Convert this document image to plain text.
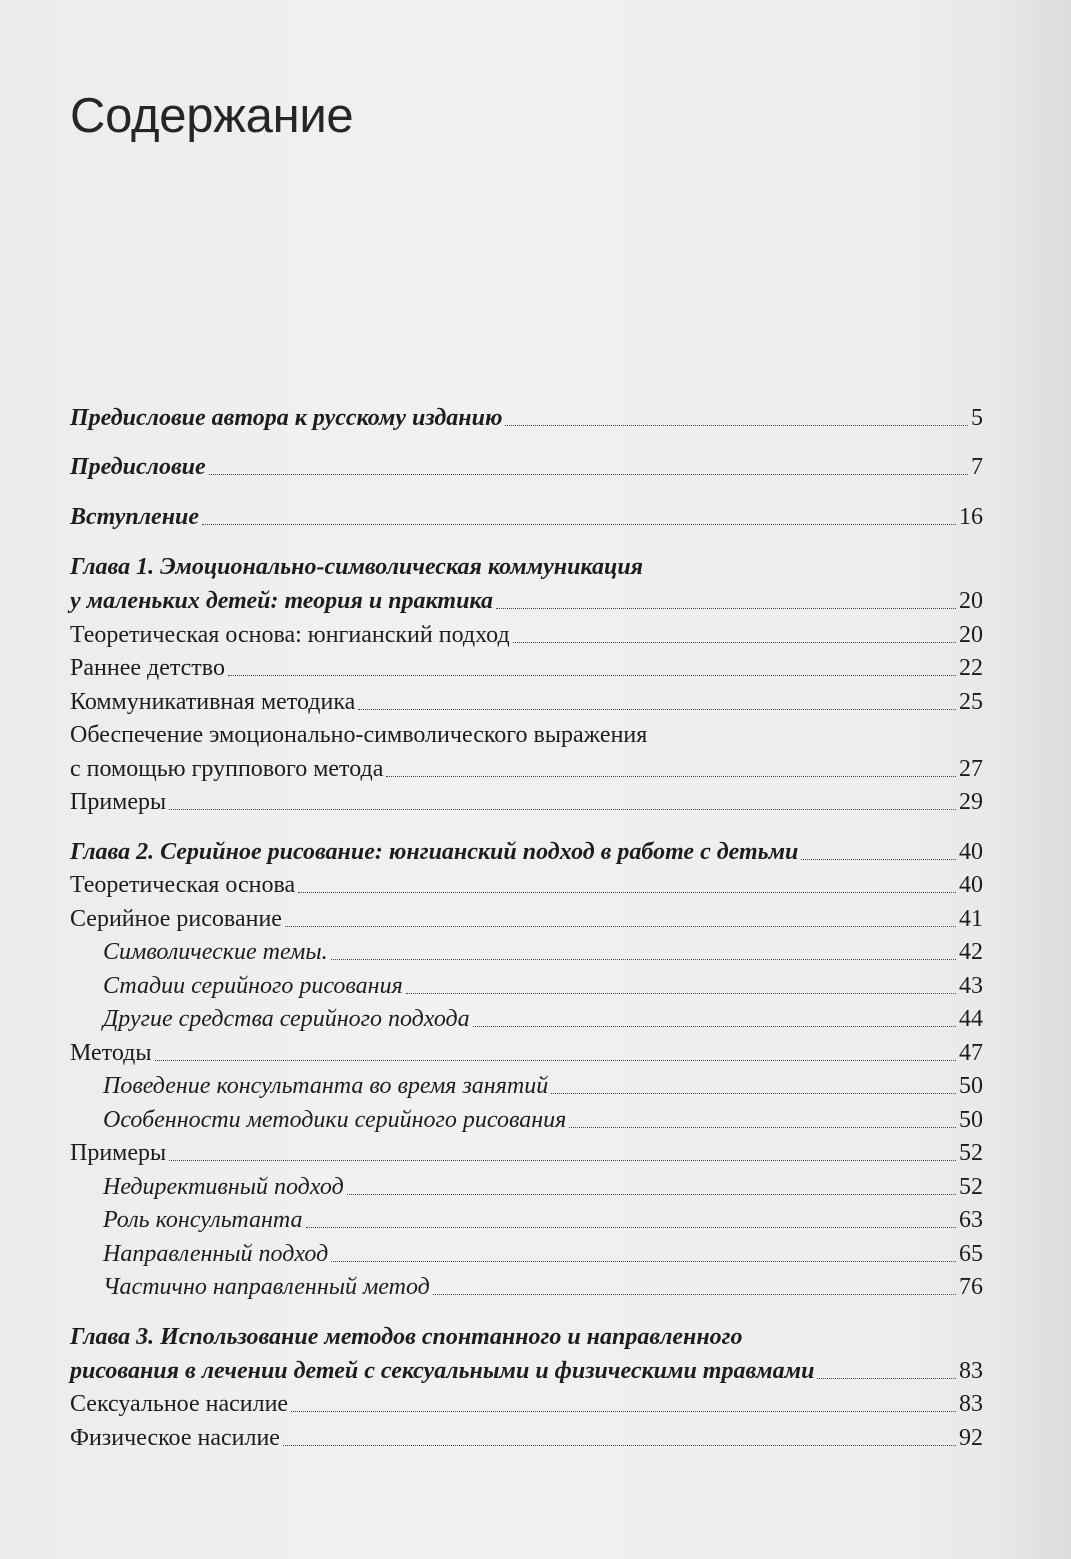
Содержание
Предисловие автора к русскому изданию	5
Предисловие	7
Вступление	16
Глава 1. Эмоционально-символическая коммуникация
у маленьких детей: теория и практика	20
Теоретическая основа: юнгианский подход	20
Раннее детство	22
Коммуникативная методика	25
Обеспечение эмоционально-символического выражения
с помощью группового метода	27
Примеры	29
Глава 2. Серийное рисование: юнгианский подход в работе с детьми	40
Теоретическая основа	40
Серийное рисование	41
Символические темы.	42
Стадии серийного рисования	43
Другие средства серийного подхода	44
Методы	47
Поведение консультанта во время занятий	50
Особенности методики серийного рисования	50
Примеры	52
Недирективный подход	52
Роль консультанта	63
Направленный подход	65
Частично направленный метод	76
Глава 3. Использование методов спонтанного и направленного
рисования в лечении детей с сексуальными и физическими травмами	83
Сексуальное насилие	83
Физическое насилие	92
